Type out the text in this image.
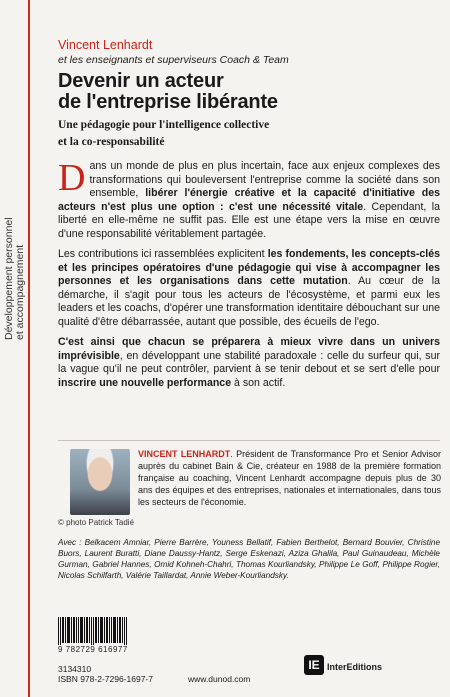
Développement personnel et accompagnement
Vincent Lenhardt
et les enseignants et superviseurs Coach & Team
Devenir un acteur
de l'entreprise libérante
Une pédagogie pour l'intelligence collective
et la co-responsabilité

Dans un monde de plus en plus incertain, face aux enjeux complexes des transformations qui bouleversent l'entreprise comme la société dans son ensemble, libérer l'énergie créative et la capacité d'initiative des acteurs n'est plus une option : c'est une nécessité vitale. Cependant, la liberté en elle-même ne suffit pas. Elle est une étape vers la mise en œuvre d'une responsabilité véritablement partagée.

Les contributions ici rassemblées explicitent les fondements, les concepts-clés et les principes opératoires d'une pédagogie qui vise à accompagner les personnes et les organisations dans cette mutation. Au cœur de la démarche, il s'agit pour tous les acteurs de l'écosystème, et parmi eux les leaders et les coachs, d'opérer une transformation identitaire débouchant sur une qualité d'être débarrassée, autant que possible, des écueils de l'ego.

C'est ainsi que chacun se préparera à mieux vivre dans un univers imprévisible, en développant une stabilité paradoxale : celle du surfeur qui, sur la vague qu'il ne peut contrôler, parvient à se tenir debout et se sert d'elle pour inscrire une nouvelle performance à son actif.

© photo Patrick Tadié
VINCENT LENHARDT. Président de Transformance Pro et Senior Advisor auprès du cabinet Bain & Cie, créateur en 1988 de la première formation française au coaching, Vincent Lenhardt accompagne depuis plus de 30 ans des équipes et des entreprises, nationales et internationales, dans tous les secteurs de l'économie.
Avec : Belkacem Amniar, Pierre Barrère, Youness Bellatif, Fabien Berthelot, Bernard Bouvier, Christine Buors, Laurent Buratti, Diane Daussy-Hantz, Serge Eskenazi, Aziza Ghalila, Paul Guinaudeau, Michèle Gurman, Gabriel Hannes, Omid Kohneh-Chahri, Thomas Kourliandsky, Philippe Le Goff, Philippe Rogier, Nicolas Schilfarth, Valérie Taillardat, Annie Weber-Kourliandsky.
9 782729 616977
3134310
ISBN 978-2-7296-1697-7	www.dunod.com
IE InterEditions
